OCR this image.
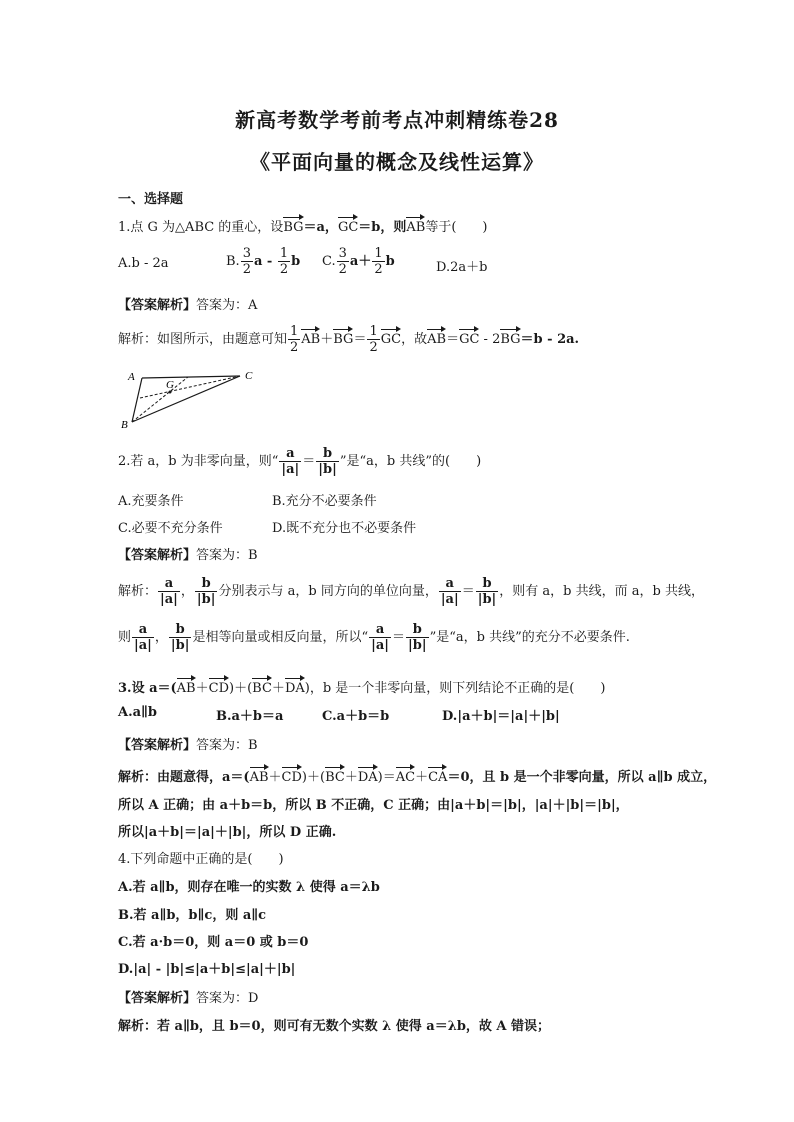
新高考数学考前考点冲刺精练卷28
《平面向量的概念及线性运算》
一、选择题
1.点 G 为△ABC 的重心，设BG＝a，GC＝b，则AB等于(　　)
A.b - 2a	B. $\frac{3}{2}$ a - $\frac{1}{2}$ b C. $\frac{3}{2} a+ \frac{1}{2}$ b	D.2a＋b
【答案解析】答案为：A
解析：如图所示，由题意可知 $\frac{1}{2} AB+BG= \frac{1}{2}$ GC，故AB＝GC - 2BG＝b - 2a.
A
B
C
G
2.若 a，b 为非零向量，则“ $\frac{a}{|a|} = \frac{b}{|b|}$ ”是“a，b 共线”的(　　)
A.充要条件	B.充分不必要条件
C.必要不充分条件	D.既不充分也不必要条件
【答案解析】答案为：B
解析： $\frac{a}{|a|}$ ， $\frac{b}{|b|}$ 分别表示与 a，b 同方向的单位向量， $\frac{a}{|a|} = \frac{b}{|b|}$ ，则有 a，b 共线，而 a，b 共线，
则 $\frac{a}{|a|}$ ， $\frac{b}{|b|}$ 是相等向量或相反向量，所以“ $\frac{a}{|a|} = \frac{b}{|b|}$ ”是“a，b 共线”的充分不必要条件.
3.设 a＝(AB＋CD)＋(BC＋DA)，b 是一个非零向量，则下列结论不正确的是(　　)
A.a∥b	B.a＋b＝a	C.a＋b＝b	D.|a＋b|＝|a|＋|b|
【答案解析】答案为：B
解析：由题意得，a＝(AB＋CD)＋(BC＋DA)＝AC＋CA＝0，且 b 是一个非零向量，所以 a∥b 成立，
所以 A 正确；由 a＋b＝b，所以 B 不正确，C 正确；由|a＋b|＝|b|，|a|＋|b|＝|b|，
所以|a＋b|＝|a|＋|b|，所以 D 正确.
4.下列命题中正确的是(　　)
A.若 a∥b，则存在唯一的实数 λ 使得 a＝λb
B.若 a∥b，b∥c，则 a∥c
C.若 a·b＝0，则 a＝0 或 b＝0
D.|a| - |b|≤|a＋b|≤|a|＋|b|
【答案解析】答案为：D
解析：若 a∥b，且 b＝0，则可有无数个实数 λ 使得 a＝λb，故 A 错误；
